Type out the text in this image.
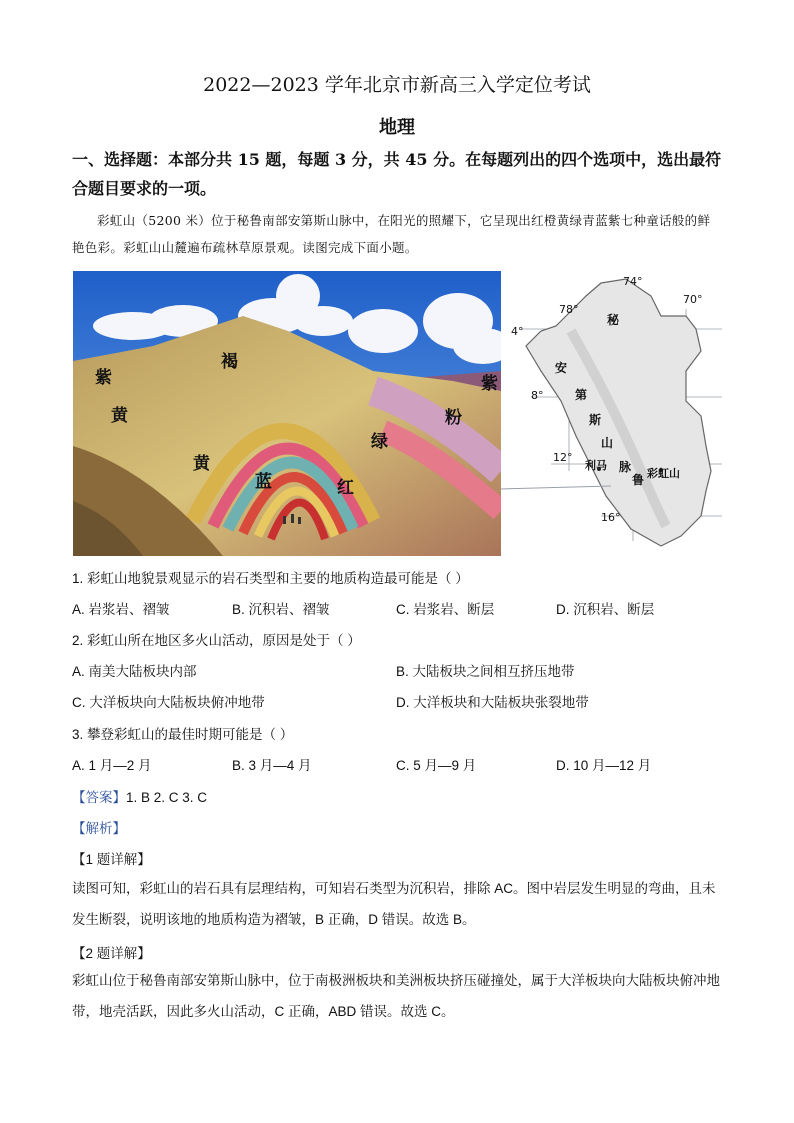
2022—2023 学年北京市新高三入学定位考试
地理
一、选择题：本部分共 15 题，每题 3 分，共 45 分。在每题列出的四个选项中，选出最符合题目要求的一项。
彩虹山（5200 米）位于秘鲁南部安第斯山脉中，在阳光的照耀下，它呈现出红橙黄绿青蓝紫七种童话般的鲜艳色彩。彩虹山山麓遍布疏林草原景观。读图完成下面小题。
紫
褐
黄
黄
蓝	红
绿
粉
紫
74°
70°
78°
4°
8°
12°
16°
秘
鲁
安
第
斯
山
脉
利马
彩虹山
1. 彩虹山地貌景观显示的岩石类型和主要的地质构造最可能是（ ）
A. 岩浆岩、褶皱	B. 沉积岩、褶皱	C. 岩浆岩、断层	D. 沉积岩、断层
2. 彩虹山所在地区多火山活动，原因是处于（ ）
A. 南美大陆板块内部	B. 大陆板块之间相互挤压地带
C. 大洋板块向大陆板块俯冲地带	D. 大洋板块和大陆板块张裂地带
3. 攀登彩虹山的最佳时期可能是（ ）
A. 1 月—2 月	B. 3 月—4 月	C. 5 月—9 月	D. 10 月—12 月
【答案】1. B 2. C 3. C
【解析】
【1 题详解】
读图可知，彩虹山的岩石具有层理结构，可知岩石类型为沉积岩，排除 AC。图中岩层发生明显的弯曲，且未发生断裂，说明该地的地质构造为褶皱，B 正确，D 错误。故选 B。
【2 题详解】
彩虹山位于秘鲁南部安第斯山脉中，位于南极洲板块和美洲板块挤压碰撞处，属于大洋板块向大陆板块俯冲地带，地壳活跃，因此多火山活动，C 正确，ABD 错误。故选 C。
